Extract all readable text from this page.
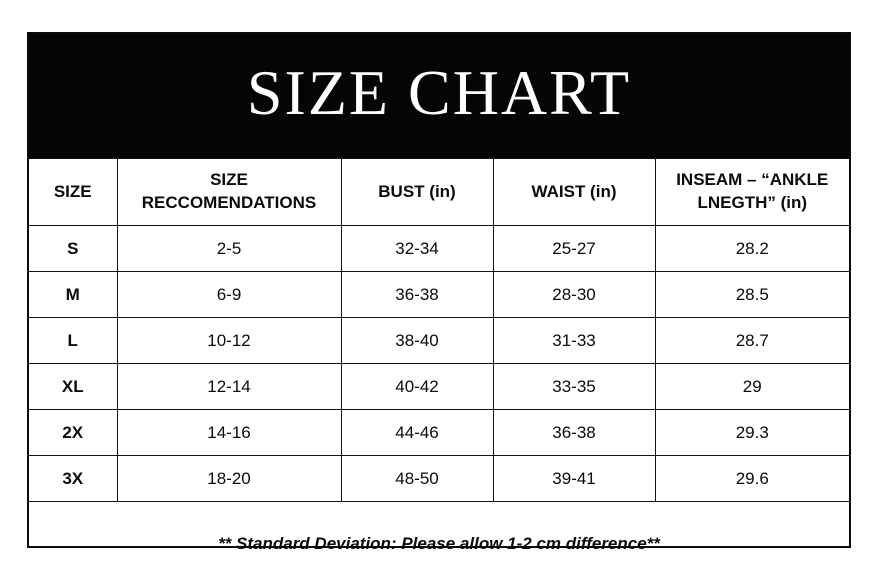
SIZE CHART
SIZE	SIZE RECCOMENDATIONS	BUST (in)	WAIST (in)	INSEAM – “ANKLE LNEGTH” (in)
S	2-5	32-34	25-27	28.2
M	6-9	36-38	28-30	28.5
L	10-12	38-40	31-33	28.7
XL	12-14	40-42	33-35	29
2X	14-16	44-46	36-38	29.3
3X	18-20	48-50	39-41	29.6
** Standard Deviation: Please allow 1-2 cm difference**
